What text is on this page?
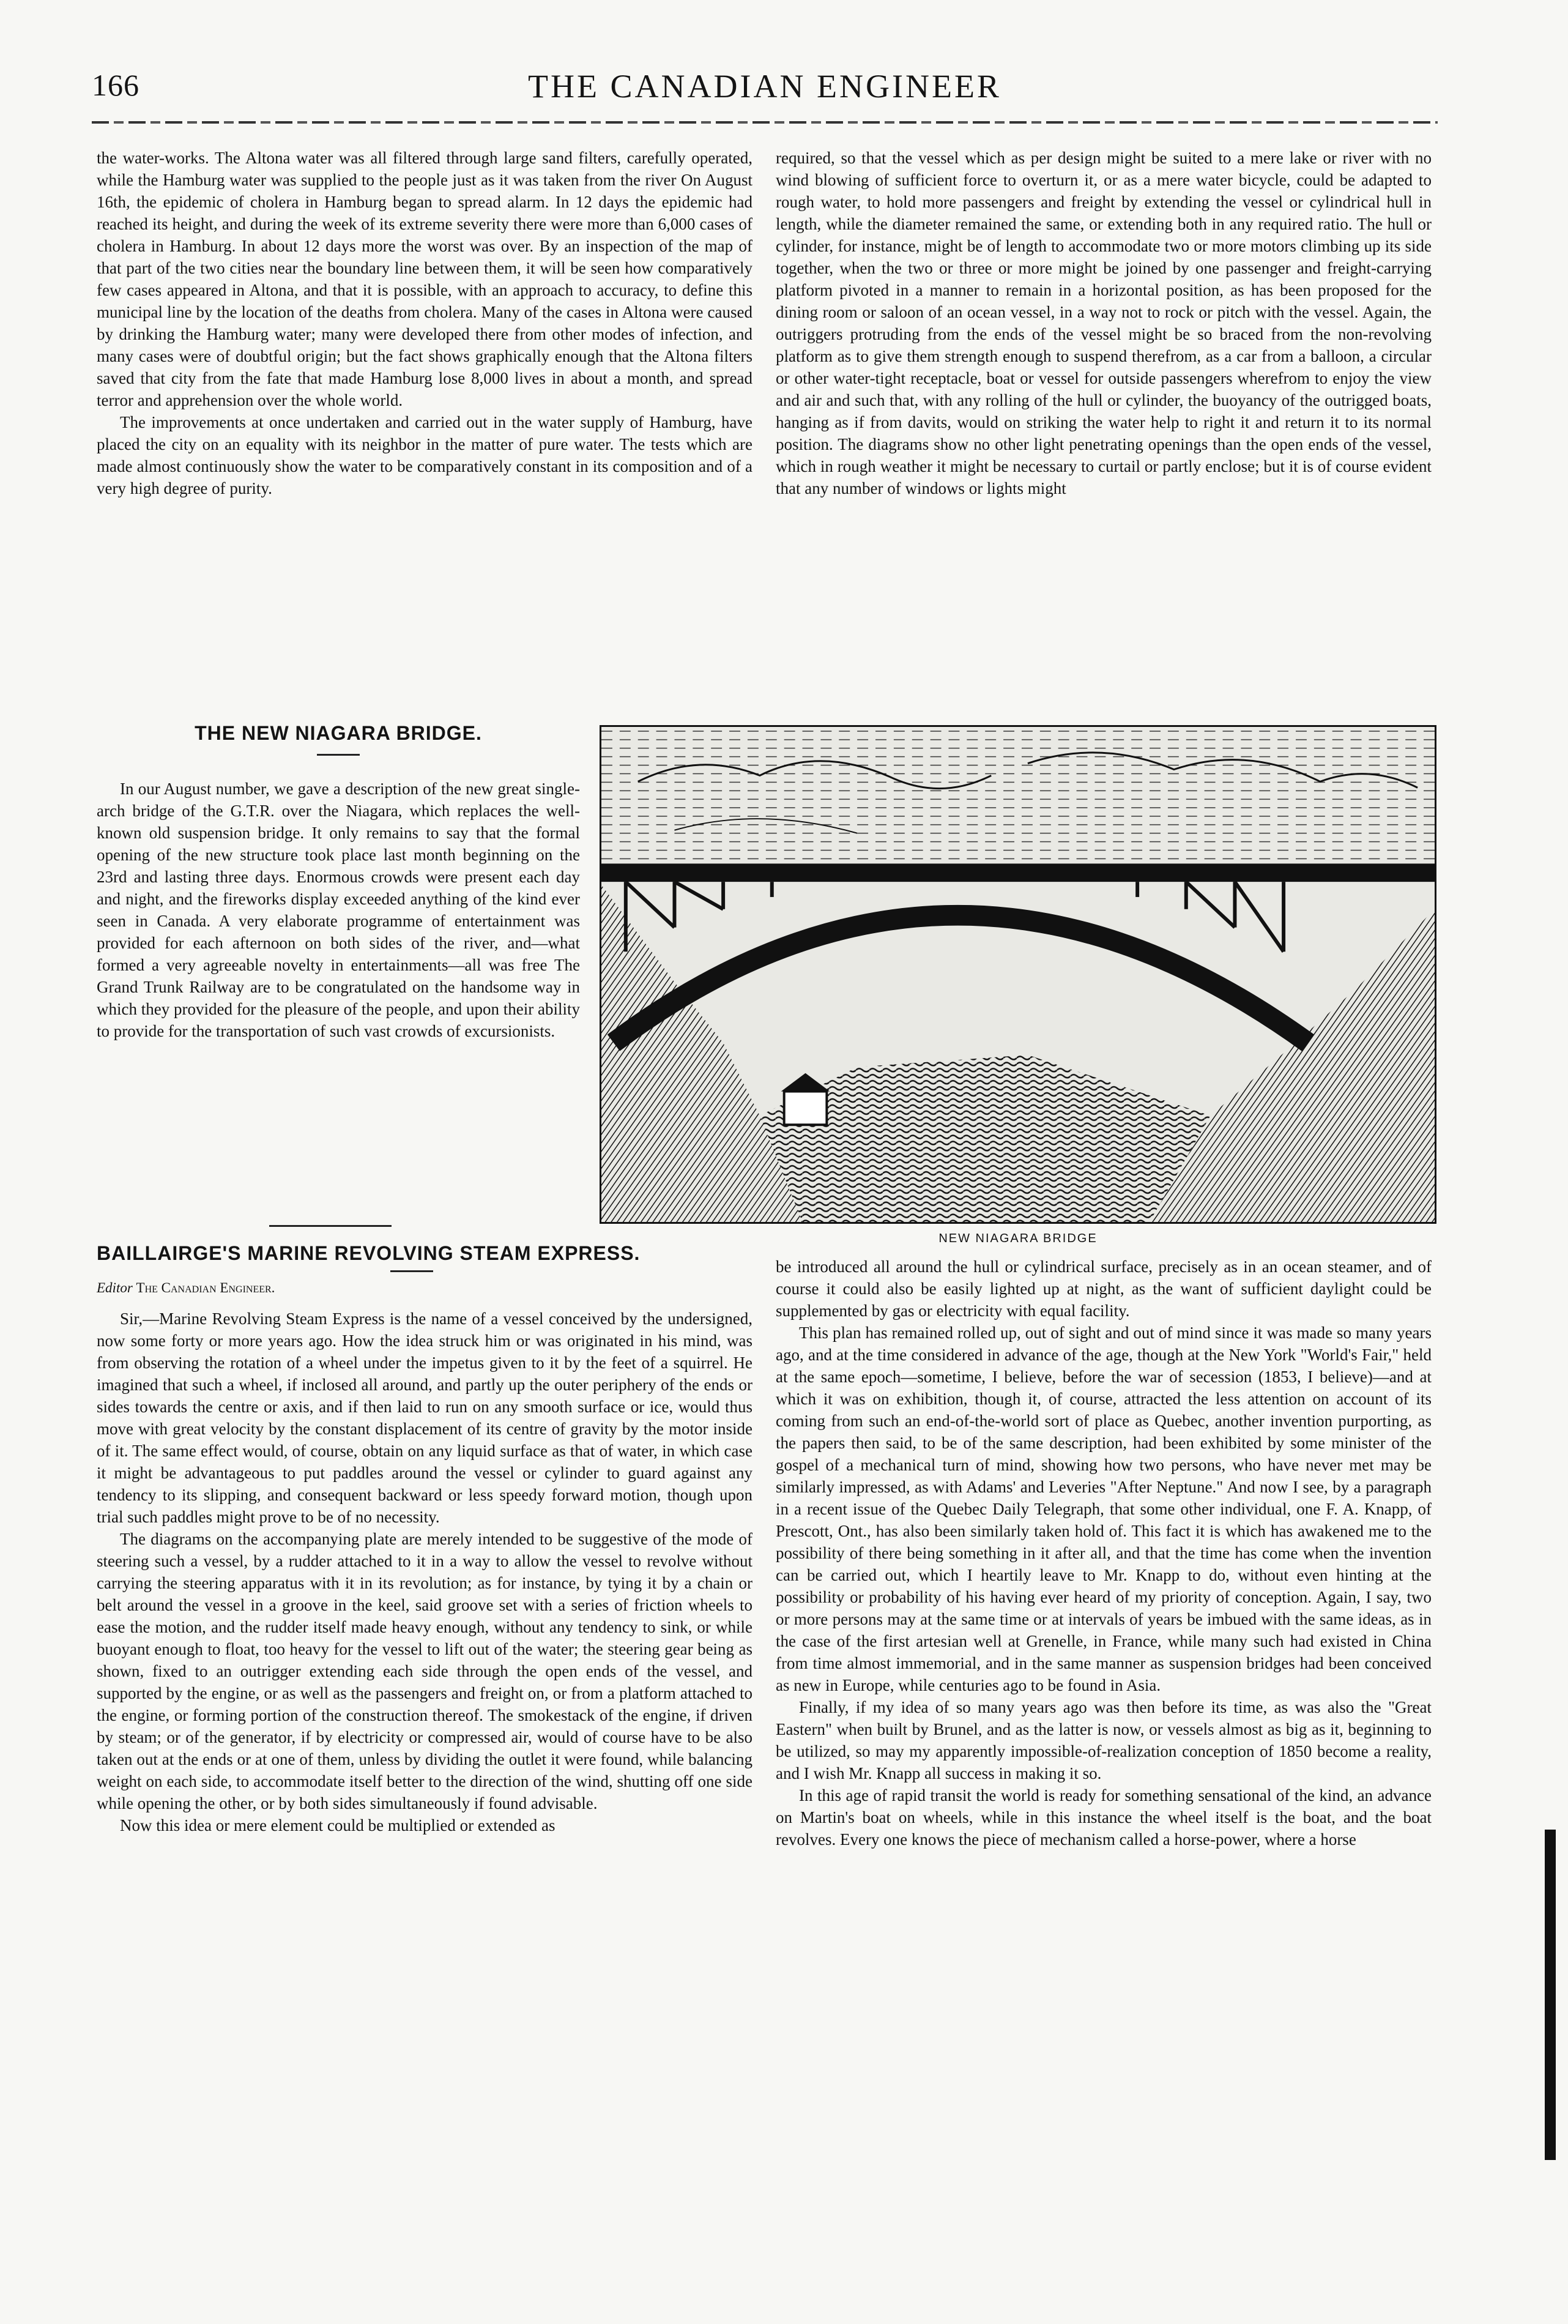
166	THE CANADIAN ENGINEER

the water-works. The Altona water was all filtered through large sand filters, carefully operated, while the Hamburg water was supplied to the people just as it was taken from the river On August 16th, the epidemic of cholera in Hamburg began to spread alarm. In 12 days the epidemic had reached its height, and during the week of its extreme severity there were more than 6,000 cases of cholera in Hamburg. In about 12 days more the worst was over. By an inspection of the map of that part of the two cities near the boundary line between them, it will be seen how comparatively few cases appeared in Altona, and that it is possible, with an approach to accuracy, to define this municipal line by the location of the deaths from cholera. Many of the cases in Altona were caused by drinking the Hamburg water; many were developed there from other modes of infection, and many cases were of doubtful origin; but the fact shows graphically enough that the Altona filters saved that city from the fate that made Hamburg lose 8,000 lives in about a month, and spread terror and apprehension over the whole world.

The improvements at once undertaken and carried out in the water supply of Hamburg, have placed the city on an equality with its neighbor in the matter of pure water. The tests which are made almost continuously show the water to be comparatively constant in its composition and of a very high degree of purity.

required, so that the vessel which as per design might be suited to a mere lake or river with no wind blowing of sufficient force to overturn it, or as a mere water bicycle, could be adapted to rough water, to hold more passengers and freight by extending the vessel or cylindrical hull in length, while the diameter remained the same, or extending both in any required ratio. The hull or cylinder, for instance, might be of length to accommodate two or more motors climbing up its side together, when the two or three or more might be joined by one passenger and freight-carrying platform pivoted in a manner to remain in a horizontal position, as has been proposed for the dining room or saloon of an ocean vessel, in a way not to rock or pitch with the vessel. Again, the outriggers protruding from the ends of the vessel might be so braced from the non-revolving platform as to give them strength enough to suspend therefrom, as a car from a balloon, a circular or other water-tight receptacle, boat or vessel for outside passengers wherefrom to enjoy the view and air and such that, with any rolling of the hull or cylinder, the buoyancy of the outrigged boats, hanging as if from davits, would on striking the water help to right it and return it to its normal position. The diagrams show no other light penetrating openings than the open ends of the vessel, which in rough weather it might be necessary to curtail or partly enclose; but it is of course evident that any number of windows or lights might

THE NEW NIAGARA BRIDGE.

In our August number, we gave a description of the new great single-arch bridge of the G.T.R. over the Niagara, which replaces the well-known old suspension bridge. It only remains to say that the formal opening of the new structure took place last month beginning on the 23rd and lasting three days. Enormous crowds were present each day and night, and the fireworks display exceeded anything of the kind ever seen in Canada. A very elaborate programme of entertainment was provided for each afternoon on both sides of the river, and—what formed a very agreeable novelty in entertainments—all was free The Grand Trunk Railway are to be congratulated on the handsome way in which they provided for the pleasure of the people, and upon their ability to provide for the transportation of such vast crowds of excursionists.

NEW NIAGARA BRIDGE
BAILLAIRGE'S MARINE REVOLVING STEAM EXPRESS.

Editor The Canadian Engineer.

Sir,—Marine Revolving Steam Express is the name of a vessel conceived by the undersigned, now some forty or more years ago. How the idea struck him or was originated in his mind, was from observing the rotation of a wheel under the impetus given to it by the feet of a squirrel. He imagined that such a wheel, if inclosed all around, and partly up the outer periphery of the ends or sides towards the centre or axis, and if then laid to run on any smooth surface or ice, would thus move with great velocity by the constant displacement of its centre of gravity by the motor inside of it. The same effect would, of course, obtain on any liquid surface as that of water, in which case it might be advantageous to put paddles around the vessel or cylinder to guard against any tendency to its slipping, and consequent backward or less speedy forward motion, though upon trial such paddles might prove to be of no necessity.

The diagrams on the accompanying plate are merely intended to be suggestive of the mode of steering such a vessel, by a rudder attached to it in a way to allow the vessel to revolve without carrying the steering apparatus with it in its revolution; as for instance, by tying it by a chain or belt around the vessel in a groove in the keel, said groove set with a series of friction wheels to ease the motion, and the rudder itself made heavy enough, without any tendency to sink, or while buoyant enough to float, too heavy for the vessel to lift out of the water; the steering gear being as shown, fixed to an outrigger extending each side through the open ends of the vessel, and supported by the engine, or as well as the passengers and freight on, or from a platform attached to the engine, or forming portion of the construction thereof. The smokestack of the engine, if driven by steam; or of the generator, if by electricity or compressed air, would of course have to be also taken out at the ends or at one of them, unless by dividing the outlet it were found, while balancing weight on each side, to accommodate itself better to the direction of the wind, shutting off one side while opening the other, or by both sides simultaneously if found advisable.

Now this idea or mere element could be multiplied or extended as

be introduced all around the hull or cylindrical surface, precisely as in an ocean steamer, and of course it could also be easily lighted up at night, as the want of sufficient daylight could be supplemented by gas or electricity with equal facility.

This plan has remained rolled up, out of sight and out of mind since it was made so many years ago, and at the time considered in advance of the age, though at the New York "World's Fair," held at the same epoch—sometime, I believe, before the war of secession (1853, I believe)—and at which it was on exhibition, though it, of course, attracted the less attention on account of its coming from such an end-of-the-world sort of place as Quebec, another invention purporting, as the papers then said, to be of the same description, had been exhibited by some minister of the gospel of a mechanical turn of mind, showing how two persons, who have never met may be similarly impressed, as with Adams' and Leveries "After Neptune." And now I see, by a paragraph in a recent issue of the Quebec Daily Telegraph, that some other individual, one F. A. Knapp, of Prescott, Ont., has also been similarly taken hold of. This fact it is which has awakened me to the possibility of there being something in it after all, and that the time has come when the invention can be carried out, which I heartily leave to Mr. Knapp to do, without even hinting at the possibility or probability of his having ever heard of my priority of conception. Again, I say, two or more persons may at the same time or at intervals of years be imbued with the same ideas, as in the case of the first artesian well at Grenelle, in France, while many such had existed in China from time almost immemorial, and in the same manner as suspension bridges had been conceived as new in Europe, while centuries ago to be found in Asia.

Finally, if my idea of so many years ago was then before its time, as was also the "Great Eastern" when built by Brunel, and as the latter is now, or vessels almost as big as it, beginning to be utilized, so may my apparently impossible-of-realization conception of 1850 become a reality, and I wish Mr. Knapp all success in making it so.

In this age of rapid transit the world is ready for something sensational of the kind, an advance on Martin's boat on wheels, while in this instance the wheel itself is the boat, and the boat revolves. Every one knows the piece of mechanism called a horse-power, where a horse
